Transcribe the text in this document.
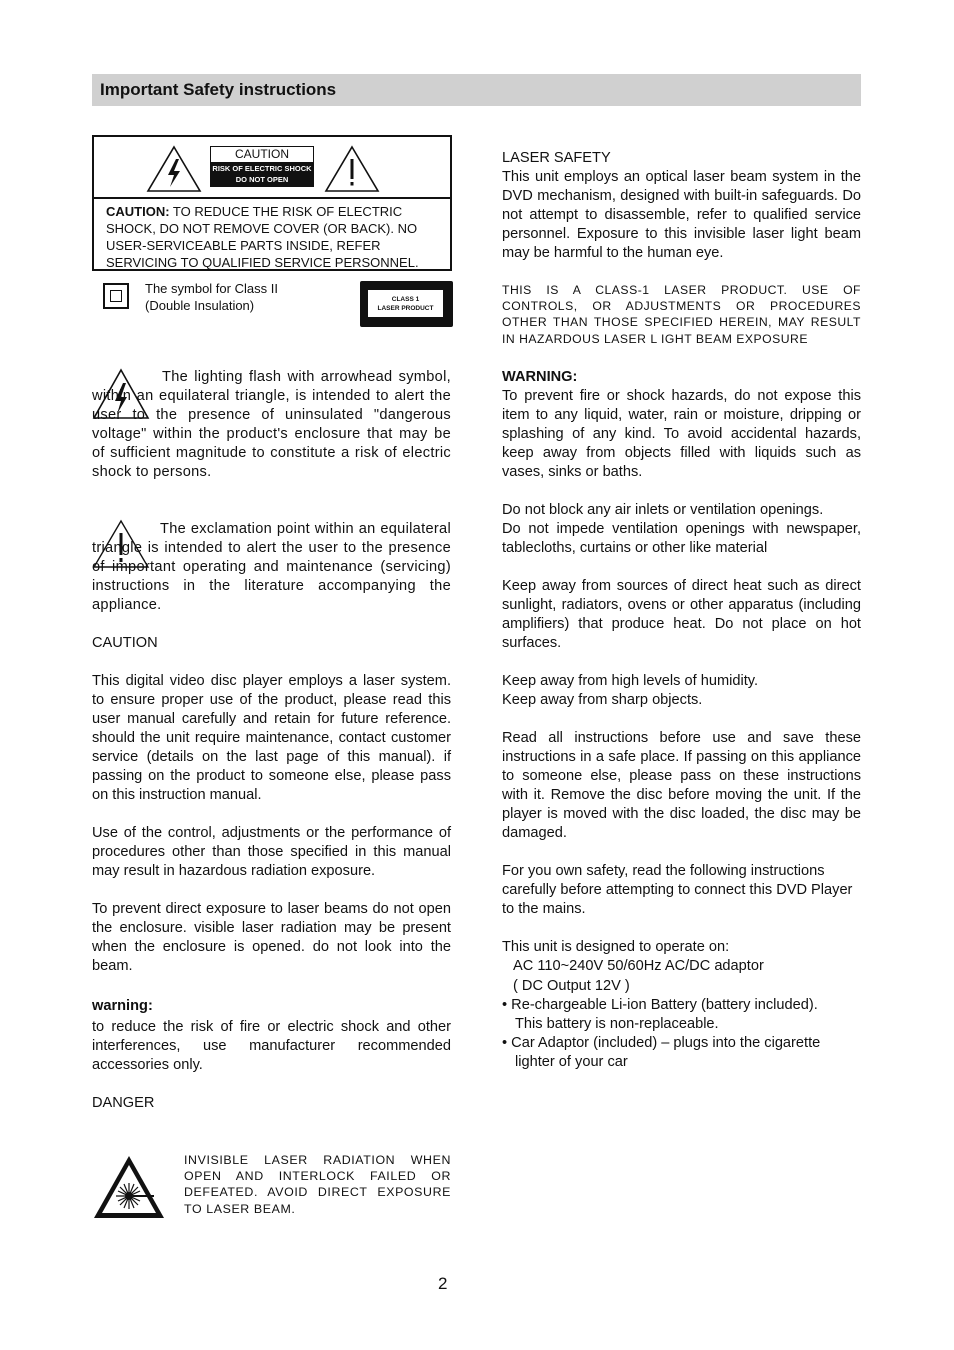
Important Safety instructions
CAUTION
RISK OF ELECTRIC SHOCK
DO NOT OPEN
CAUTION: TO REDUCE THE RISK OF ELECTRIC SHOCK, DO NOT REMOVE COVER (OR BACK). NO USER-SERVICEABLE PARTS INSIDE, REFER SERVICING TO QUALIFIED SERVICE PERSONNEL.
The symbol for Class II
(Double Insulation)	CLASS 1
LASER PRODUCT

The lighting flash with arrowhead symbol, within an equilateral triangle, is intended to alert the user to the presence of uninsulated "dangerous voltage" within the product's enclosure that may be of sufficient magnitude to constitute a risk of electric shock to persons.

The exclamation point within an equilateral triangle is intended to alert the user to the presence of important operating and maintenance (servicing) instructions in the literature accompanying the appliance.

CAUTION

This digital video disc player employs a laser system. to ensure proper use of the product, please read this user manual carefully and retain for future reference. should the unit require maintenance, contact customer service (details on the last page of this manual). if passing on the product to someone else, please pass on this instruction manual.

Use of the control, adjustments or the performance of procedures other than those specified in this manual may result in hazardous radiation exposure.

To prevent direct exposure to laser beams do not open the enclosure. visible laser radiation may be present when the enclosure is opened. do not look into the beam.

warning:

to reduce the risk of fire or electric shock and other interferences, use manufacturer recommended accessories only.

DANGER

INVISIBLE LASER RADIATION WHEN OPEN AND INTERLOCK FAILED OR DEFEATED. AVOID DIRECT EXPOSURE TO LASER BEAM.

LASER SAFETY

This unit employs an optical laser beam system in the DVD mechanism, designed with built-in safeguards. Do not attempt to disassemble, refer to qualified service personnel. Exposure to this invisible laser light beam may be harmful to the human eye.

THIS IS A CLASS-1 LASER PRODUCT. USE OF CONTROLS, OR ADJUSTMENTS OR PROCEDURES OTHER THAN THOSE SPECIFIED HEREIN, MAY RESULT IN HAZARDOUS LASER L IGHT BEAM EXPOSURE

WARNING:

To prevent fire or shock hazards, do not expose this item to any liquid, water, rain or moisture, dripping or splashing of any kind. To avoid accidental hazards, keep away from objects filled with liquids such as vases, sinks or baths.

Do not block any air inlets or ventilation openings.

Do not impede ventilation openings with newspaper, tablecloths, curtains or other like material

Keep away from sources of direct heat such as direct sunlight, radiators, ovens or other apparatus (including amplifiers) that produce heat. Do not place on hot surfaces.

Keep away from high levels of humidity.

Keep away from sharp objects.

Read all instructions before use and save these instructions in a safe place. If passing on this appliance to someone else, please pass on these instructions with it. Remove the disc before moving the unit. If the player is moved with the disc loaded, the disc may be damaged.

For you own safety, read the following instructions carefully before attempting to connect this DVD Player to the mains.

This unit is designed to operate on:

AC 110~240V 50/60Hz AC/DC adaptor

( DC Output 12V )

• Re-chargeable Li-ion Battery (battery included).

This battery is non-replaceable.

• Car Adaptor (included) – plugs into the cigarette

lighter of your car

2
